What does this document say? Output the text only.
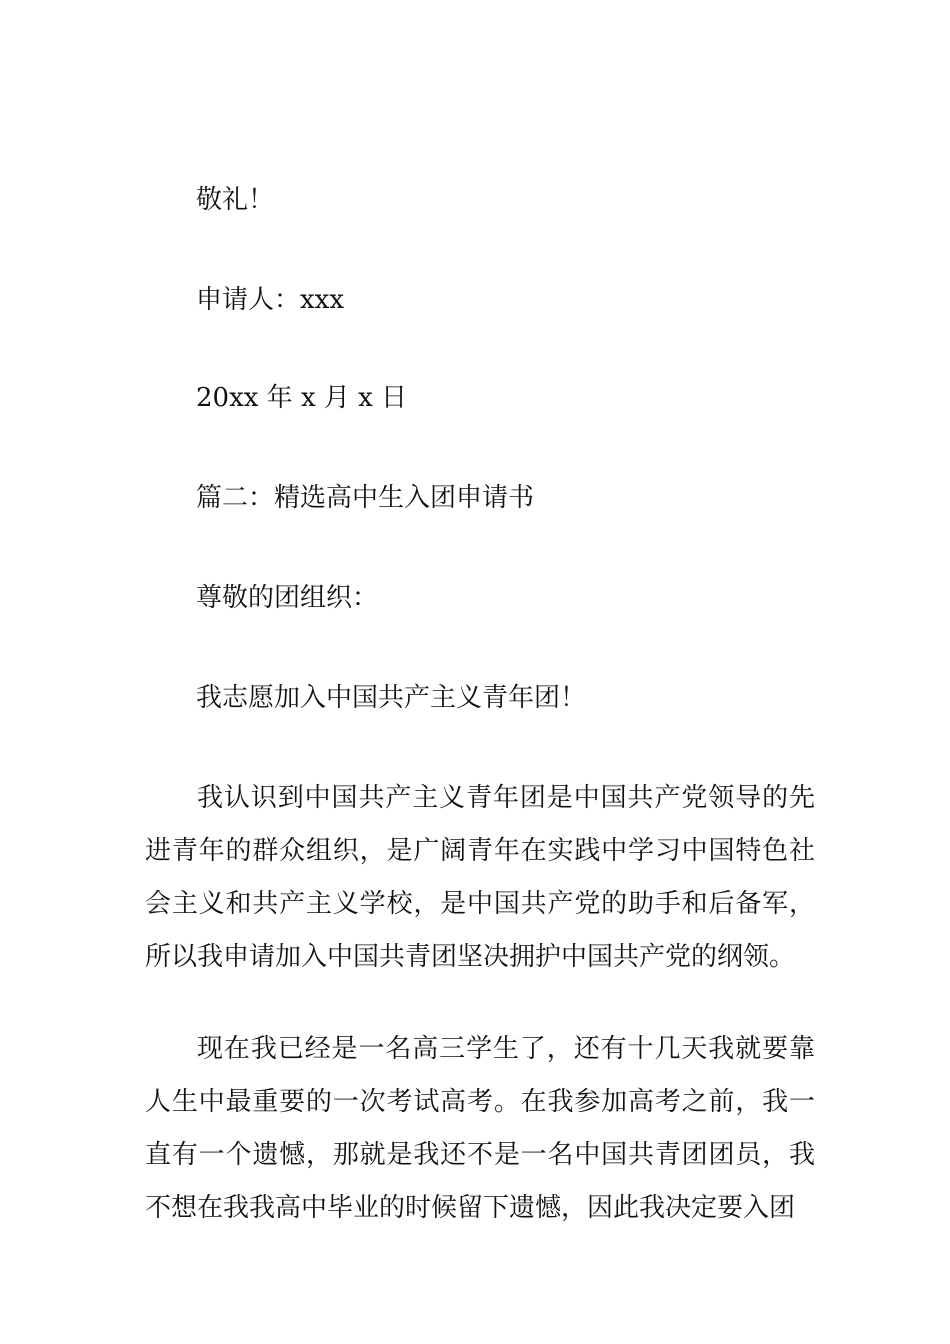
敬礼！
申请人：xxx
20xx 年 x 月 x 日
篇二：精选高中生入团申请书
尊敬的团组织：
我志愿加入中国共产主义青年团！
我认识到中国共产主义青年团是中国共产党领导的先进青年的群众组织，是广阔青年在实践中学习中国特色社会主义和共产主义学校，是中国共产党的助手和后备军，所以我申请加入中国共青团坚决拥护中国共产党的纲领。
现在我已经是一名高三学生了，还有十几天我就要靠人生中最重要的一次考试高考。在我参加高考之前，我一直有一个遗憾，那就是我还不是一名中国共青团团员，我不想在我我高中毕业的时候留下遗憾，因此我决定要入团
